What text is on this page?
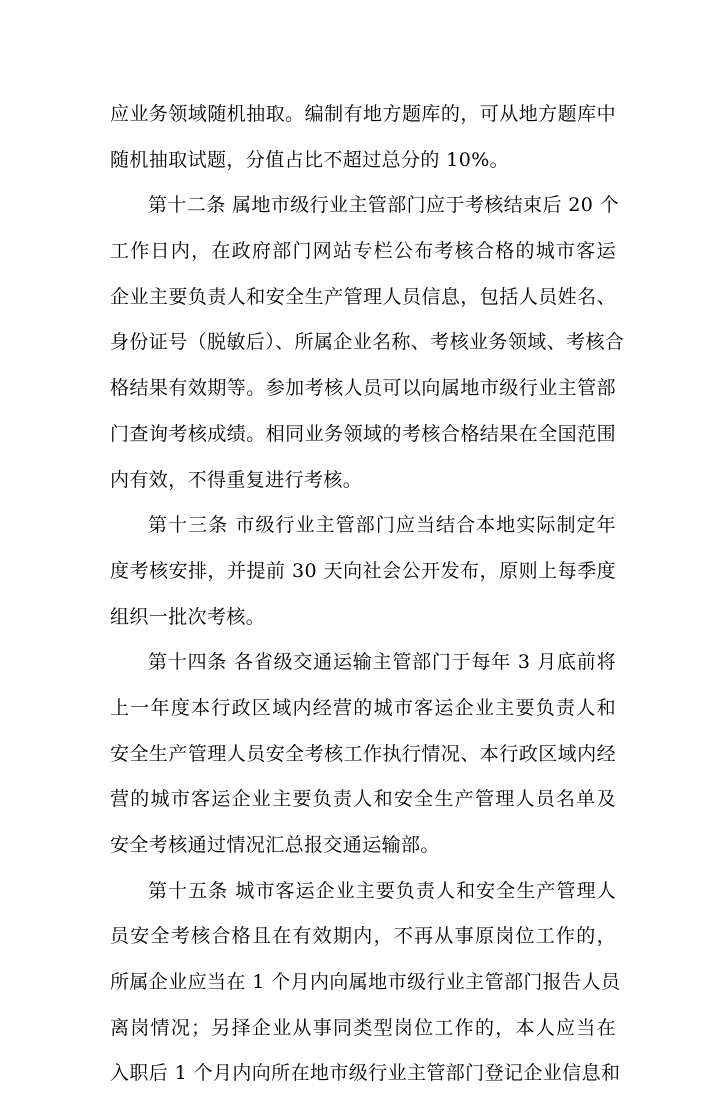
应业务领域随机抽取。编制有地方题库的，可从地方题库中
随机抽取试题，分值占比不超过总分的 10%。
第十二条 属地市级行业主管部门应于考核结束后 20 个
工作日内，在政府部门网站专栏公布考核合格的城市客运
企业主要负责人和安全生产管理人员信息，包括人员姓名、
身份证号（脱敏后）、所属企业名称、考核业务领域、考核合
格结果有效期等。参加考核人员可以向属地市级行业主管部
门查询考核成绩。相同业务领域的考核合格结果在全国范围
内有效，不得重复进行考核。
第十三条 市级行业主管部门应当结合本地实际制定年
度考核安排，并提前 30 天向社会公开发布，原则上每季度
组织一批次考核。
第十四条 各省级交通运输主管部门于每年 3 月底前将
上一年度本行政区域内经营的城市客运企业主要负责人和
安全生产管理人员安全考核工作执行情况、本行政区域内经
营的城市客运企业主要负责人和安全生产管理人员名单及
安全考核通过情况汇总报交通运输部。
第十五条 城市客运企业主要负责人和安全生产管理人
员安全考核合格且在有效期内，不再从事原岗位工作的，
所属企业应当在 1 个月内向属地市级行业主管部门报告人员
离岗情况；另择企业从事同类型岗位工作的，本人应当在
入职后 1 个月内向所在地市级行业主管部门登记企业信息和
